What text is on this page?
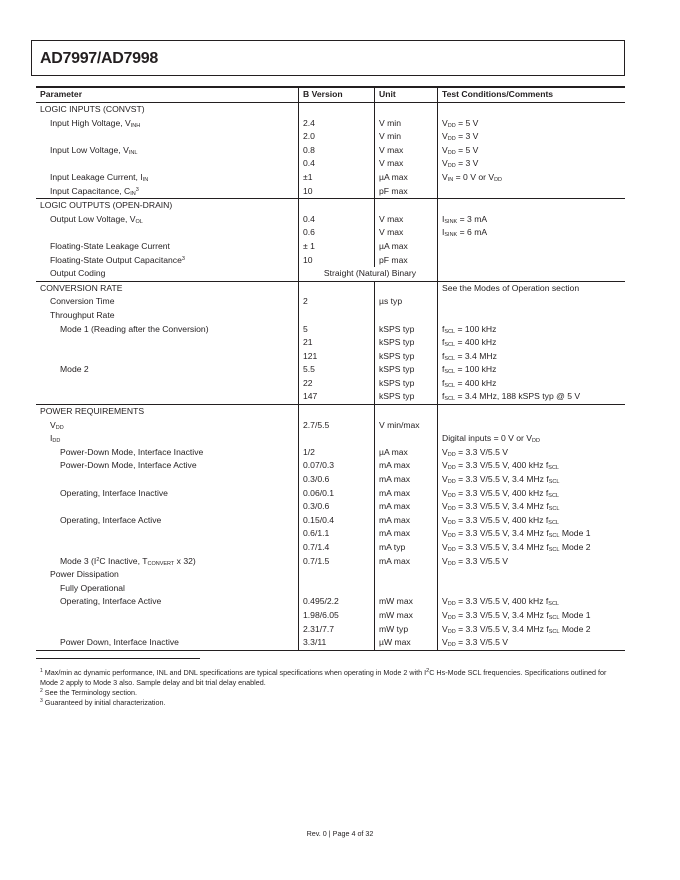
AD7997/AD7998
Parameter	B Version	Unit	Test Conditions/Comments
LOGIC INPUTS (CONVST)			
Input High Voltage, $V_{INH}$	2.4	V min	$V_{DD} = 5$ V
	2.0	V min	$V_{DD} = 3$ V
Input Low Voltage, $V_{INL}$	0.8	V max	$V_{DD} = 5$ V
	0.4	V max	$V_{DD} = 3$ V
Input Leakage Current, $I_{IN}$	±1	µA max	$V_{IN} = 0$ V or $V_{DD}$
Input Capacitance, $C_{IN}^3$	10	pF max	
LOGIC OUTPUTS (OPEN-DRAIN)			
Output Low Voltage, $V_{OL}$	0.4	V max	$I_{SINK} = 3$ mA
	0.6	V max	$I_{SINK} = 6$ mA
Floating-State Leakage Current	± 1	µA max	
Floating-State Output Capacitance$^3$	10	pF max	
Output Coding	Straight (Natural) Binary		
CONVERSION RATE			See the Modes of Operation section
Conversion Time	2	µs typ	
Throughput Rate			
Mode 1 (Reading after the Conversion)	5	kSPS typ	$f_{SCL} = 100$ kHz
	21	kSPS typ	$f_{SCL} = 400$ kHz
	121	kSPS typ	$f_{SCL} = 3.4$ MHz
Mode 2	5.5	kSPS typ	$f_{SCL} = 100$ kHz
	22	kSPS typ	$f_{SCL} = 400$ kHz
	147	kSPS typ	$f_{SCL} = 3.4$ MHz, 188 kSPS typ @ 5 V
POWER REQUIREMENTS			
$V_{DD}$	2.7/5.5	V min/max	
$I_{DD}$			Digital inputs = 0 V or $V_{DD}$
Power-Down Mode, Interface Inactive	1/2	µA max	$V_{DD} = 3.3$ V/5.5 V
Power-Down Mode, Interface Active	0.07/0.3	mA max	$V_{DD} = 3.3$ V/5.5 V, 400 kHz $f_{SCL}$
	0.3/0.6	mA max	$V_{DD} = 3.3$ V/5.5 V, 3.4 MHz $f_{SCL}$
Operating, Interface Inactive	0.06/0.1	mA max	$V_{DD} = 3.3$ V/5.5 V, 400 kHz $f_{SCL}$
	0.3/0.6	mA max	$V_{DD} = 3.3$ V/5.5 V, 3.4 MHz $f_{SCL}$
Operating, Interface Active	0.15/0.4	mA max	$V_{DD} = 3.3$ V/5.5 V, 400 kHz $f_{SCL}$
	0.6/1.1	mA max	$V_{DD} = 3.3$ V/5.5 V, 3.4 MHz $f_{SCL}$ Mode 1
	0.7/1.4	mA typ	$V_{DD} = 3.3$ V/5.5 V, 3.4 MHz $f_{SCL}$ Mode 2
Mode 3 ($I^2C$ Inactive, $T_{CONVERT}$ x 32)	0.7/1.5	mA max	$V_{DD} = 3.3$ V/5.5 V
Power Dissipation			
Fully Operational			
Operating, Interface Active	0.495/2.2	mW max	$V_{DD} = 3.3$ V/5.5 V, 400 kHz $f_{SCL}$
	1.98/6.05	mW max	$V_{DD} = 3.3$ V/5.5 V, 3.4 MHz $f_{SCL}$ Mode 1
	2.31/7.7	mW typ	$V_{DD} = 3.3$ V/5.5 V, 3.4 MHz $f_{SCL}$ Mode 2
Power Down, Interface Inactive	3.3/11	µW max	$V_{DD} = 3.3$ V/5.5 V
$^1$ Max/min ac dynamic performance, INL and DNL specifications are typical specifications when operating in Mode 2 with $I^2C$ Hs-Mode SCL frequencies. Specifications outlined for Mode 2 apply to Mode 3 also. Sample delay and bit trial delay enabled.
$^2$ See the Terminology section.
$^3$ Guaranteed by initial characterization.
Rev. 0 | Page 4 of 32
